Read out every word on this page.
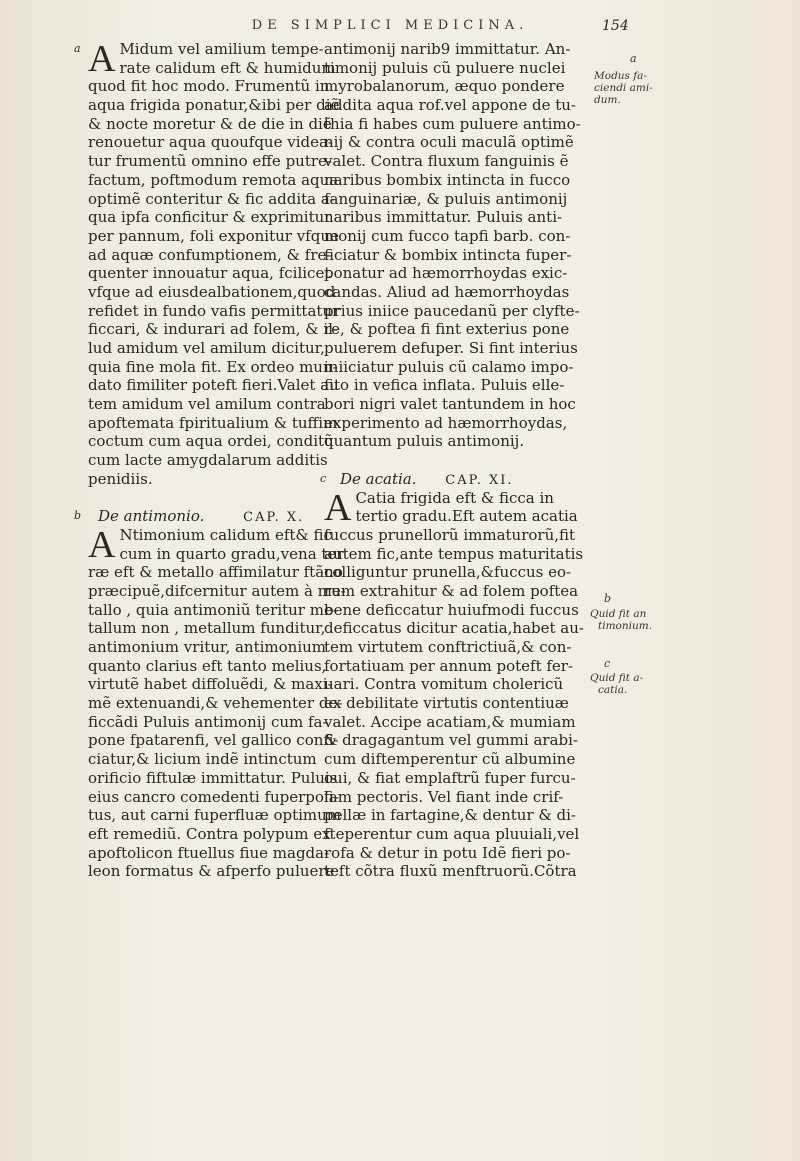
DE SIMPLICI MEDICINA.	154
a A Midum vel amilium tempe-
rate calidum eft & humidum
quod fit hoc modo. Frumentũ in
aqua frigida ponatur,&ibi per diẽ
& nocte moretur & de die in diẽ
renouetur aqua quoufque videa-
tur frumentũ omnino effe putre-
factum, poftmodum remota aqua
optimẽ conteritur & fic addita a-
qua ipfa conficitur & exprimitur
per pannum, foli exponitur vfque
ad aquæ confumptionem, & fre-
quenter innouatur aqua, fcilicet
vfque ad eiusdealbationem,quod
refidet in fundo vafis permittatur
ficcari, & indurari ad folem, & il-
lud amidum vel amilum dicitur,
quia fine mola fit. Ex ordeo mun-
dato fimiliter poteft fieri.Valet au
tem amidum vel amilum contra
apoftemata fpiritualium & tuffim
coctum cum aqua ordei, conditũ
cum lacte amygdalarum additis
penidiis.
b De antimonio.	CAP. X.
A Ntimonium calidum eft& fic
cum in quarto gradu,vena ter
ræ eft & metallo affimilatur ftãno
præcipuẽ,difcernitur autem à me-
tallo , quia antimoniũ teritur me-
tallum non , metallum funditur,
antimonium vritur, antimonium
quanto clarius eft tanto melius,
virtutẽ habet diffoluẽdi, & maxi-
mẽ extenuandi,& vehementer de-
ficcãdi Puluis antimonij cum fa-
pone fpatarenfi, vel gallico confi-
ciatur,& licium indẽ intinctum
orificio fiftulæ immittatur. Puluis
eius cancro comedenti fuperpofi-
tus, aut carni fuperfluæ optimum
eft remediũ. Contra polypum ex
apoftolicon ftuellus fiue magda-
leon formatus & afperfo puluere
antimonij narib9 immittatur. An-
timonij puluis cũ puluere nuclei
myrobalanorum, æquo pondere
addita aqua rof.vel appone de tu-
thia fi habes cum puluere antimo-
nij & contra oculi maculã optimẽ
valet. Contra fluxum fanguinis ẽ
naribus bombix intincta in fucco
fanguinariæ, & puluis antimonij
naribus immittatur. Puluis anti-
monij cum fucco tapfi barb. con-
ficiatur & bombix intincta fuper-
ponatur ad hæmorrhoydas exic-
candas. Aliud ad hæmorrhoydas
prius iniice paucedanũ per clyfte-
re, & poftea fi fint exterius pone
puluerem defuper. Si fint interius
iniiciatur puluis cũ calamo impo-
fito in vefica inflata. Puluis elle-
bori nigri valet tantundem in hoc
experimento ad hæmorrhoydas,
quantum puluis antimonij.
c De acatia. CAP. XI.
A Catia frigida eft & ficca in
tertio gradu.Eft autem acatia
fuccus prunellorũ immaturorũ,fit
autem fic,ante tempus maturitatis
colliguntur prunella,&fuccus eo-
rum extrahitur & ad folem poftea
bene deficcatur huiufmodi fuccus
deficcatus dicitur acatia,habet au-
tem virtutem conftrictiuã,& con-
fortatiuam per annum poteft fer-
uari. Contra vomitum cholericũ
ex debilitate virtutis contentiuæ
valet. Accipe acatiam,& mumiam
& dragagantum vel gummi arabi-
cum diftemperentur cũ albumine
oui, & fiat emplaftrũ fuper furcu-
lam pectoris. Vel fiant inde crif-
pellæ in fartagine,& dentur & di-
fteperentur cum aqua pluuiali,vel
rofa & detur in potu Idẽ fieri po-
teft cõtra fluxũ menftruorũ.Cõtra
a
Modus fa-
ciendi ami-
dum.
b
Quid fit an
timonium.
c
Quid fit a-
catia.
